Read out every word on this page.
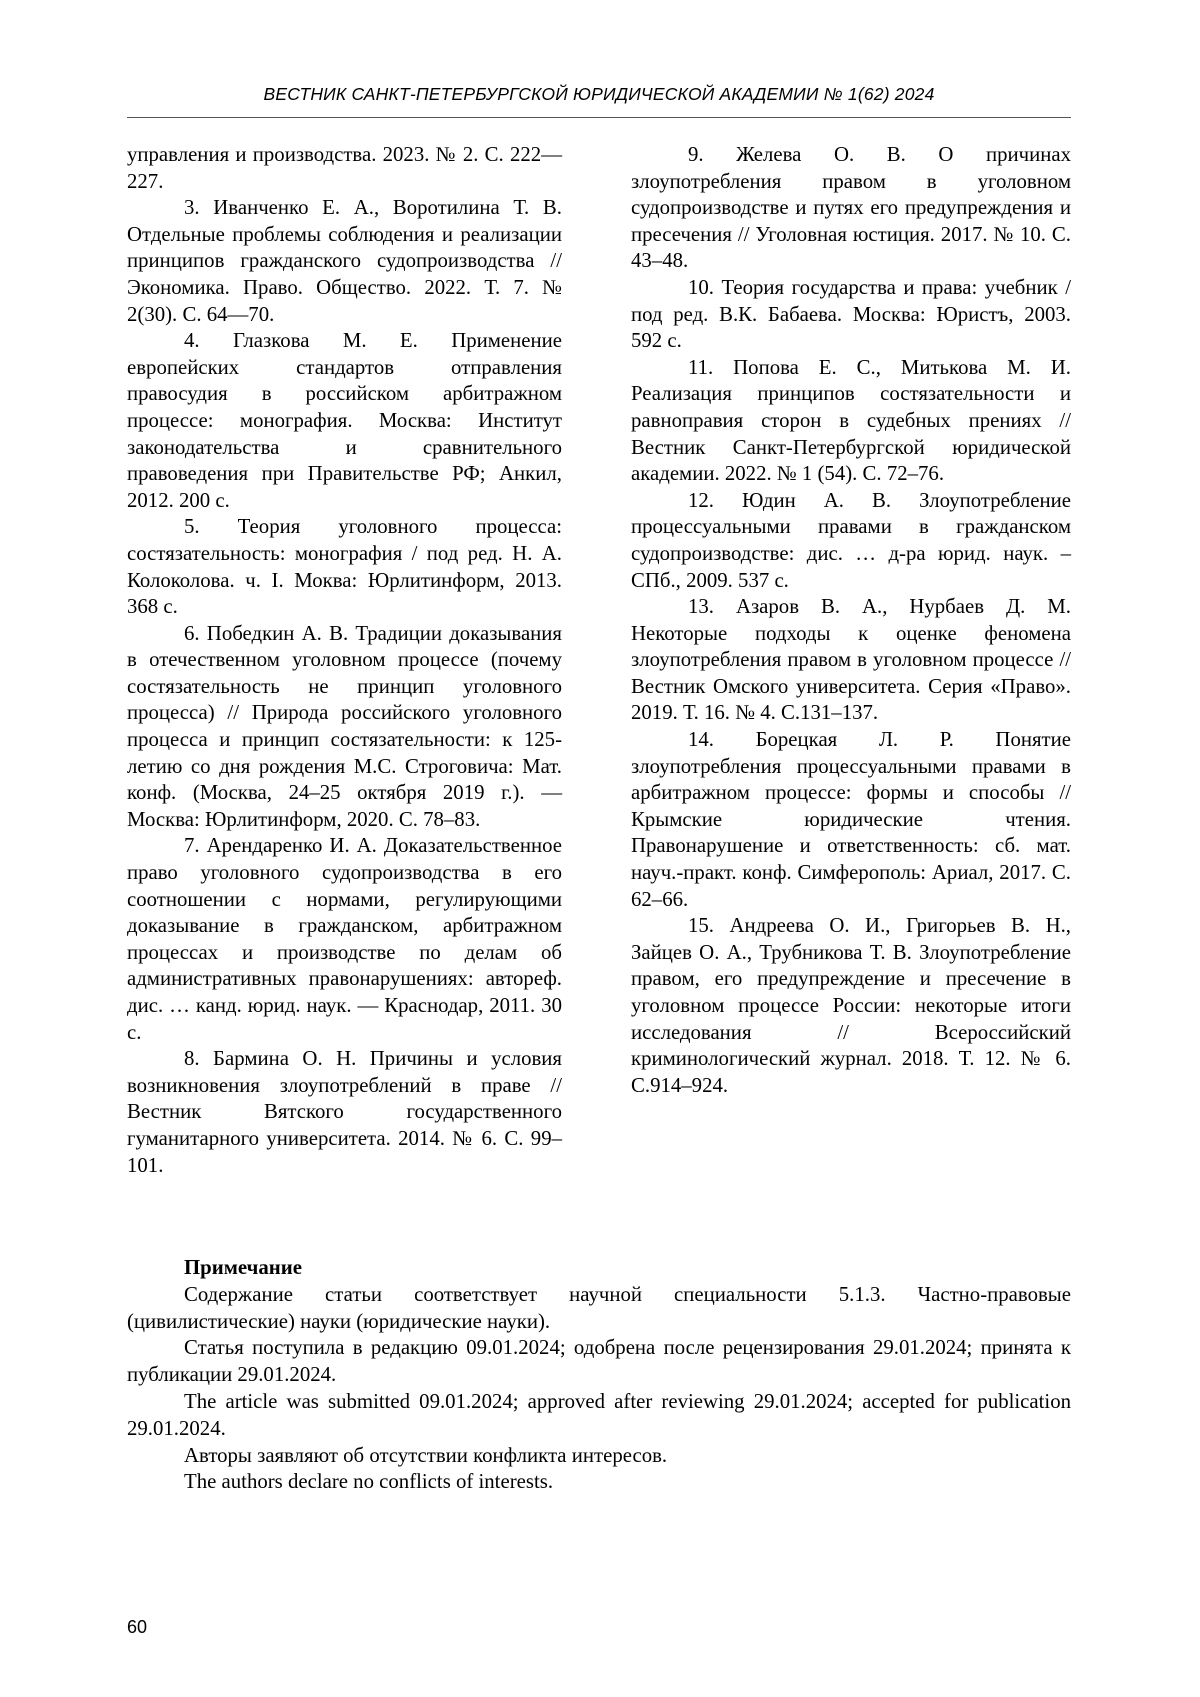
ВЕСТНИК САНКТ-ПЕТЕРБУРГСКОЙ ЮРИДИЧЕСКОЙ АКАДЕМИИ № 1(62) 2024

управления и производства. 2023. № 2. С. 222—227.

3. Иванченко Е. А., Воротилина Т. В. Отдельные проблемы соблюдения и реализации принципов гражданского судопроизводства // Экономика. Право. Общество. 2022. Т. 7. № 2(30). С. 64—70.

4. Глазкова М. Е. Применение европейских стандартов отправления правосудия в российском арбитражном процессе: монография. Москва: Институт законодательства и сравнительного правоведения при Правительстве РФ; Анкил, 2012. 200 с.

5. Теория уголовного процесса: состязательность: монография / под ред. Н. А. Колоколова. ч. I. Моква: Юрлитинформ, 2013. 368 с.

6. Победкин А. В. Традиции доказывания в отечественном уголовном процессе (почему состязательность не принцип уголовного процесса) // Природа российского уголовного процесса и принцип состязательности: к 125-летию со дня рождения М.С. Строговича: Мат. конф. (Москва, 24–25 октября 2019 г.). — Москва: Юрлитинформ, 2020. С. 78–83.

7. Арендаренко И. А. Доказательственное право уголовного судопроизводства в его соотношении с нормами, регулирующими доказывание в гражданском, арбитражном процессах и производстве по делам об административных правонарушениях: автореф. дис. … канд. юрид. наук. — Краснодар, 2011. 30 с.

8. Бармина О. Н. Причины и условия возникновения злоупотреблений в праве // Вестник Вятского государственного гуманитарного университета. 2014. № 6. С. 99–101.

9. Желева О. В. О причинах злоупотребления правом в уголовном судопроизводстве и путях его предупреждения и пресечения // Уголовная юстиция. 2017. № 10. С. 43–48.

10. Теория государства и права: учебник / под ред. В.К. Бабаева. Москва: Юристъ, 2003. 592 с.

11. Попова Е. С., Митькова М. И. Реализация принципов состязательности и равноправия сторон в судебных прениях // Вестник Санкт-Петербургской юридической академии. 2022. № 1 (54). С. 72–76.

12. Юдин А. В. Злоупотребление процессуальными правами в гражданском судопроизводстве: дис. … д-ра юрид. наук. – СПб., 2009. 537 с.

13. Азаров В. А., Нурбаев Д. М. Некоторые подходы к оценке феномена злоупотребления правом в уголовном процессе // Вестник Омского университета. Серия «Право». 2019. Т. 16. № 4. С.131–137.

14. Борецкая Л. Р. Понятие злоупотребления процессуальными правами в арбитражном процессе: формы и способы // Крымские юридические чтения. Правонарушение и ответственность: сб. мат. науч.-практ. конф. Симферополь: Ариал, 2017. С. 62–66.

15. Андреева О. И., Григорьев В. Н., Зайцев О. А., Трубникова Т. В. Злоупотребление правом, его предупреждение и пресечение в уголовном процессе России: некоторые итоги исследования // Всероссийский криминологический журнал. 2018. Т. 12. № 6. С.914–924.

Примечание

Содержание статьи соответствует научной специальности 5.1.3. Частно-правовые (цивилистические) науки (юридические науки).

Статья поступила в редакцию 09.01.2024; одобрена после рецензирования 29.01.2024; принята к публикации 29.01.2024.

The article was submitted 09.01.2024; approved after reviewing 29.01.2024; accepted for publication 29.01.2024.

Авторы заявляют об отсутствии конфликта интересов.

The authors declare no conflicts of interests.

60
